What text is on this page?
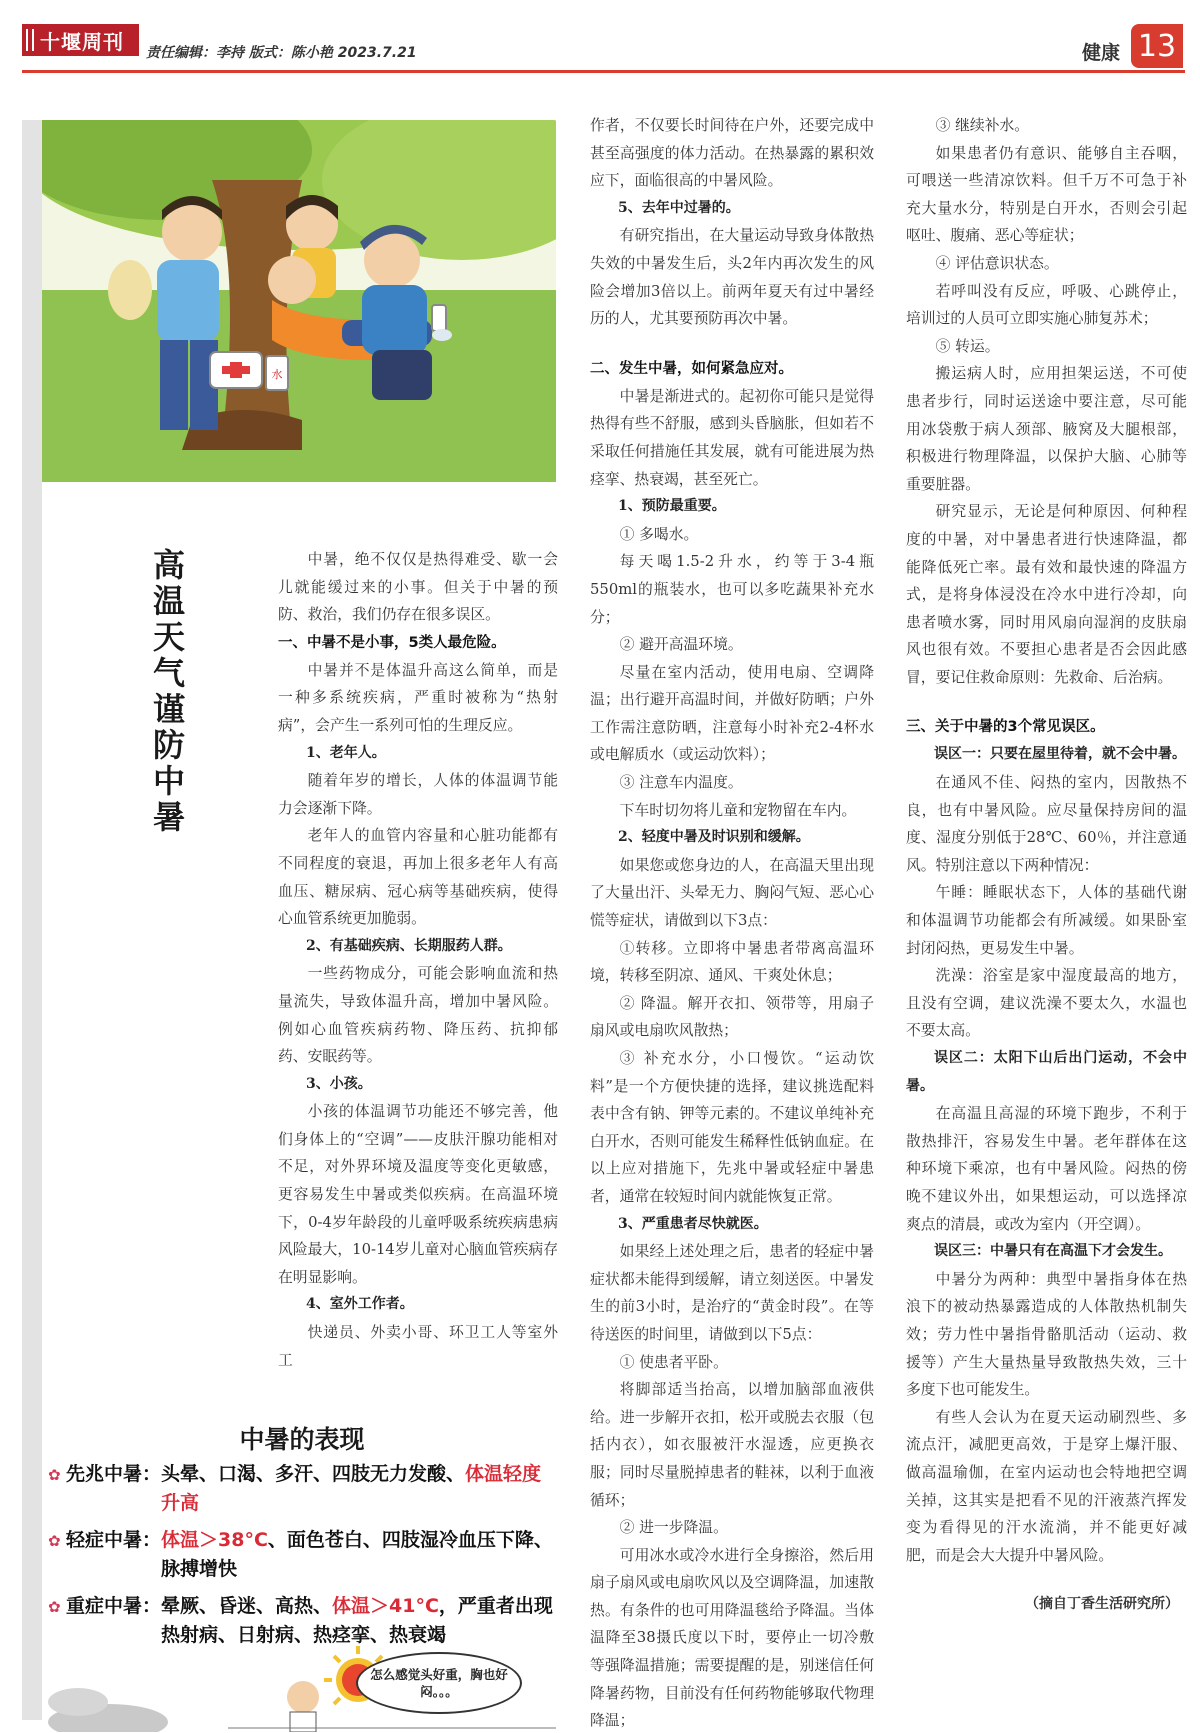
十堰周刊 责任编辑：李持 版式：陈小艳 2023.7.21	健康 13
水
高温天气谨防中暑	中暑，绝不仅仅是热得难受、歇一会儿就能缓过来的小事。但关于中暑的预防、救治，我们仍存在很多误区。

一、中暑不是小事，5类人最危险。

中暑并不是体温升高这么简单，而是一种多系统疾病，严重时被称为“热射病”，会产生一系列可怕的生理反应。

1、老年人。

随着年岁的增长，人体的体温调节能力会逐渐下降。

老年人的血管内容量和心脏功能都有不同程度的衰退，再加上很多老年人有高血压、糖尿病、冠心病等基础疾病，使得心血管系统更加脆弱。

2、有基础疾病、长期服药人群。

一些药物成分，可能会影响血流和热量流失，导致体温升高，增加中暑风险。例如心血管疾病药物、降压药、抗抑郁药、安眠药等。

3、小孩。

小孩的体温调节功能还不够完善，他们身体上的“空调”——皮肤汗腺功能相对不足，对外界环境及温度等变化更敏感，更容易发生中暑或类似疾病。在高温环境下，0-4岁年龄段的儿童呼吸系统疾病患病风险最大，10-14岁儿童对心脑血管疾病存在明显影响。

4、室外工作者。

快递员、外卖小哥、环卫工人等室外工

作者，不仅要长时间待在户外，还要完成中甚至高强度的体力活动。在热暴露的累积效应下，面临很高的中暑风险。

5、去年中过暑的。

有研究指出，在大量运动导致身体散热失效的中暑发生后，头2年内再次发生的风险会增加3倍以上。前两年夏天有过中暑经历的人，尤其要预防再次中暑。

二、发生中暑，如何紧急应对。

中暑是渐进式的。起初你可能只是觉得热得有些不舒服，感到头昏脑胀，但如若不采取任何措施任其发展，就有可能进展为热痉挛、热衰竭，甚至死亡。

1、预防最重要。

① 多喝水。

每天喝1.5-2升水，约等于3-4瓶550ml的瓶装水，也可以多吃蔬果补充水分；

② 避开高温环境。

尽量在室内活动，使用电扇、空调降温；出行避开高温时间，并做好防晒；户外工作需注意防晒，注意每小时补充2-4杯水或电解质水（或运动饮料）；

③ 注意车内温度。

下车时切勿将儿童和宠物留在车内。

2、轻度中暑及时识别和缓解。

如果您或您身边的人，在高温天里出现了大量出汗、头晕无力、胸闷气短、恶心心慌等症状，请做到以下3点：

①转移。立即将中暑患者带离高温环境，转移至阴凉、通风、干爽处休息；

② 降温。解开衣扣、领带等，用扇子扇风或电扇吹风散热；

③ 补充水分，小口慢饮。“运动饮料”是一个方便快捷的选择，建议挑选配料表中含有钠、钾等元素的。不建议单纯补充白开水，否则可能发生稀释性低钠血症。在以上应对措施下，先兆中暑或轻症中暑患者，通常在较短时间内就能恢复正常。

3、严重患者尽快就医。

如果经上述处理之后，患者的轻症中暑症状都未能得到缓解，请立刻送医。中暑发生的前3小时，是治疗的“黄金时段”。在等待送医的时间里，请做到以下5点：

① 使患者平卧。

将脚部适当抬高，以增加脑部血液供给。进一步解开衣扣，松开或脱去衣服（包括内衣），如衣服被汗水湿透，应更换衣服；同时尽量脱掉患者的鞋袜，以利于血液循环；

② 进一步降温。

可用冰水或冷水进行全身擦浴，然后用扇子扇风或电扇吹风以及空调降温，加速散热。有条件的也可用降温毯给予降温。当体温降至38摄氏度以下时，要停止一切冷敷等强降温措施；需要提醒的是，别迷信任何降暑药物，目前没有任何药物能够取代物理降温；

③ 继续补水。

如果患者仍有意识、能够自主吞咽，可喂送一些清凉饮料。但千万不可急于补充大量水分，特别是白开水，否则会引起呕吐、腹痛、恶心等症状；

④ 评估意识状态。

若呼叫没有反应，呼吸、心跳停止，培训过的人员可立即实施心肺复苏术；

⑤ 转运。

搬运病人时，应用担架运送，不可使患者步行，同时运送途中要注意，尽可能用冰袋敷于病人颈部、腋窝及大腿根部，积极进行物理降温，以保护大脑、心肺等重要脏器。

研究显示，无论是何种原因、何种程度的中暑，对中暑患者进行快速降温，都能降低死亡率。最有效和最快速的降温方式，是将身体浸没在冷水中进行冷却，向患者喷水雾，同时用风扇向湿润的皮肤扇风也很有效。不要担心患者是否会因此感冒，要记住救命原则：先救命、后治病。

三、关于中暑的3个常见误区。

误区一：只要在屋里待着，就不会中暑。

在通风不佳、闷热的室内，因散热不良，也有中暑风险。应尽量保持房间的温度、湿度分别低于28℃、60％，并注意通风。特别注意以下两种情况：

午睡：睡眠状态下，人体的基础代谢和体温调节功能都会有所减缓。如果卧室封闭闷热，更易发生中暑。

洗澡：浴室是家中湿度最高的地方，且没有空调，建议洗澡不要太久，水温也不要太高。

误区二：太阳下山后出门运动，不会中暑。

在高温且高湿的环境下跑步，不利于散热排汗，容易发生中暑。老年群体在这种环境下乘凉，也有中暑风险。闷热的傍晚不建议外出，如果想运动，可以选择凉爽点的清晨，或改为室内（开空调）。

误区三：中暑只有在高温下才会发生。

中暑分为两种：典型中暑指身体在热浪下的被动热暴露造成的人体散热机制失效；劳力性中暑指骨骼肌活动（运动、救援等）产生大量热量导致散热失效，三十多度下也可能发生。

有些人会认为在夏天运动刷烈些、多流点汗，减肥更高效，于是穿上爆汗服、做高温瑜伽，在室内运动也会特地把空调关掉，这其实是把看不见的汗液蒸汽挥发变为看得见的汗水流淌，并不能更好减肥，而是会大大提升中暑风险。

（摘自丁香生活研究所）
中暑的表现
✿ 先兆中暑： 头晕、口渴、多汗、四肢无力发酸、体温轻度升高
✿ 轻症中暑： 体温＞38°C、面色苍白、四肢湿冷血压下降、脉搏增快
✿ 重症中暑： 晕厥、昏迷、高热、体温＞41°C，严重者出现热射病、日射病、热痉挛、热衰竭
怎么感觉头好重，胸也好闷。。。
